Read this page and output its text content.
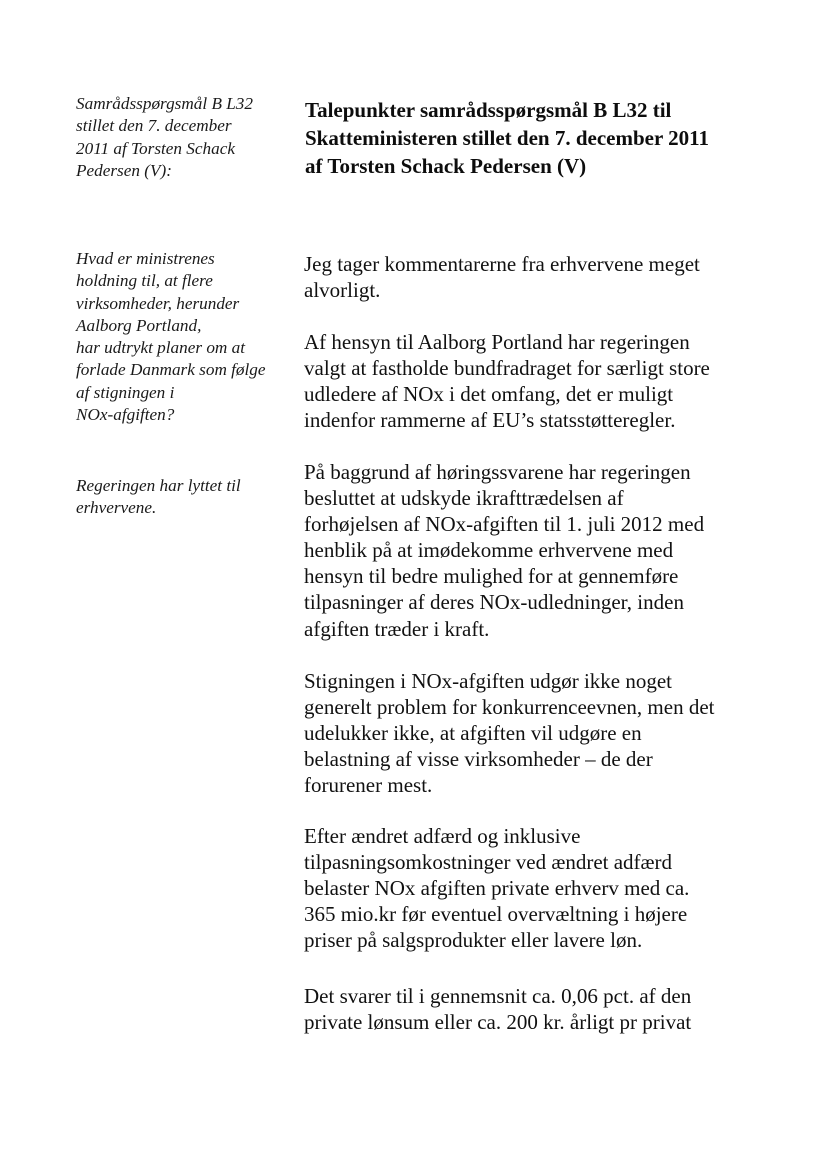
Samrådsspørgsmål B L32
stillet den 7. december
2011 af Torsten Schack
Pedersen (V):
Hvad er ministrenes
holdning til, at flere
virksomheder, herunder
Aalborg Portland,
har udtrykt planer om at
forlade Danmark som følge
af stigningen i
NOx-afgiften?
Regeringen har lyttet til
erhvervene.
Talepunkter samrådsspørgsmål B L32 til
Skatteministeren stillet den 7. december 2011
af Torsten Schack Pedersen (V)
Jeg tager kommentarerne fra erhvervene meget
alvorligt.
Af hensyn til Aalborg Portland har regeringen
valgt at fastholde bundfradraget for særligt store
udledere af NOx i det omfang, det er muligt
indenfor rammerne af EU’s statsstøtteregler.
På baggrund af høringssvarene har regeringen
besluttet at udskyde ikrafttrædelsen af
forhøjelsen af NOx-afgiften til 1. juli 2012 med
henblik på at imødekomme erhvervene med
hensyn til bedre mulighed for at gennemføre
tilpasninger af deres NOx-udledninger, inden
afgiften træder i kraft.
Stigningen i NOx-afgiften udgør ikke noget
generelt problem for konkurrenceevnen, men det
udelukker ikke, at afgiften vil udgøre en
belastning af visse virksomheder – de der
forurener mest.
Efter ændret adfærd og inklusive
tilpasningsomkostninger ved ændret adfærd
belaster NOx afgiften private erhverv med ca.
365 mio.kr før eventuel overvæltning i højere
priser på salgsprodukter eller lavere løn.
Det svarer til i gennemsnit ca. 0,06 pct. af den
private lønsum eller ca. 200 kr. årligt pr privat
